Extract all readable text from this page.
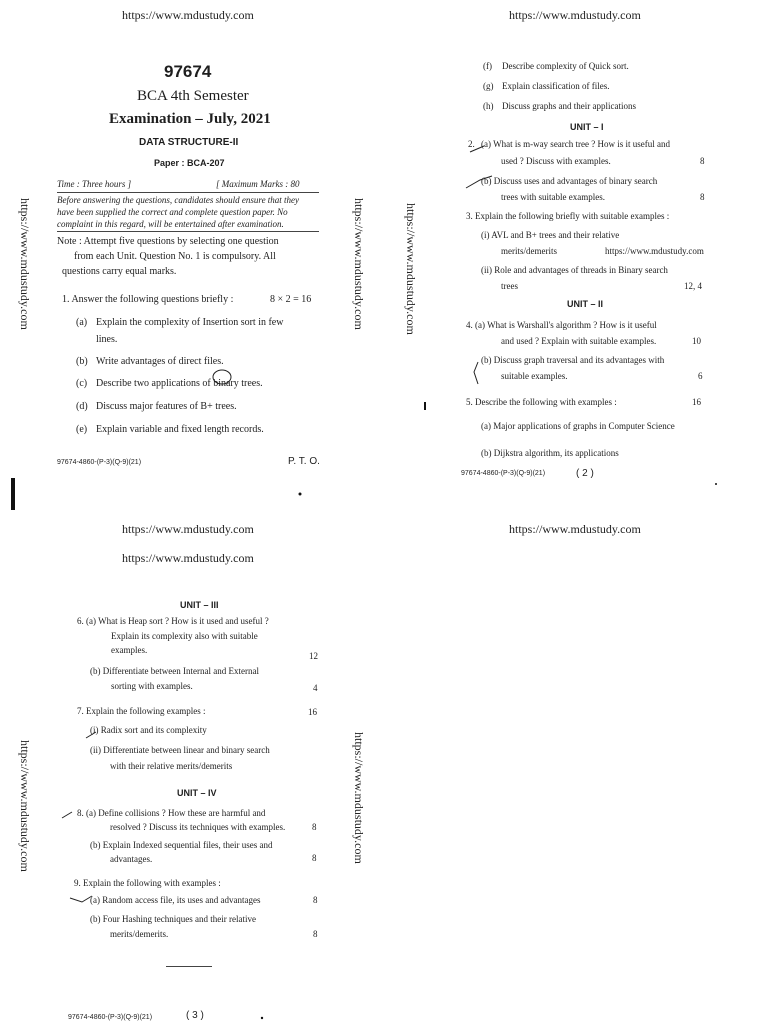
https://www.mdustudy.com	https://www.mdustudy.com
https://www.mdustudy.com	https://www.mdustudy.com
https://www.mdustudy.com
https://www.mdustudy.com	https://www.mdustudy.com	https://www.mdustudy.com
https://www.mdustudy.com	https://www.mdustudy.com
97674
BCA 4th Semester
Examination – July, 2021
DATA STRUCTURE-II
Paper : BCA-207
Time : Three hours ]	[ Maximum Marks : 80
Before answering the questions, candidates should ensure that they
have been supplied the correct and complete question paper. No
complaint in this regard, will be entertained after examination.
Note : Attempt five questions by selecting one question
from each Unit. Question No. 1 is compulsory. All
questions carry equal marks.
1. Answer the following questions briefly :	8 × 2 = 16
(a) Explain the complexity of Insertion sort in few
lines.
(b) Write advantages of direct files.
(c) Describe two applications of binary trees.
(d) Discuss major features of B+ trees.
(e) Explain variable and fixed length records.
97674-4860-(P-3)(Q-9)(21)	P. T. O.
(f) Describe complexity of Quick sort.
(g) Explain classification of files.
(h) Discuss graphs and their applications
UNIT – I
2. (a) What is m-way search tree ? How is it useful and
used ? Discuss with examples.	8
(b) Discuss uses and advantages of binary search
trees with suitable examples.	8
3. Explain the following briefly with suitable examples :
(i) AVL and B+ trees and their relative
merits/demerits	https://www.mdustudy.com
(ii) Role and advantages of threads in Binary search
trees	12, 4
UNIT – II
4. (a) What is Warshall's algorithm ? How is it useful
and used ? Explain with suitable examples.	10
(b) Discuss graph traversal and its advantages with
suitable examples.	6
5. Describe the following with examples :	16
(a) Major applications of graphs in Computer Science
(b) Dijkstra algorithm, its applications
97674-4860-(P-3)(Q-9)(21)	( 2 )
UNIT – III
6. (a) What is Heap sort ? How is it used and useful ?
Explain its complexity also with suitable
examples.
12
(b) Differentiate between Internal and External
sorting with examples.	4
7. Explain the following examples :	16
(i) Radix sort and its complexity
(ii) Differentiate between linear and binary search
with their relative merits/demerits
UNIT – IV
8. (a) Define collisions ? How these are harmful and
resolved ? Discuss its techniques with examples.	8
(b) Explain Indexed sequential files, their uses and
advantages.	8
9. Explain the following with examples :
(a) Random access file, its uses and advantages	8
(b) Four Hashing techniques and their relative
merits/demerits.	8
97674-4860-(P-3)(Q-9)(21)	( 3 )
